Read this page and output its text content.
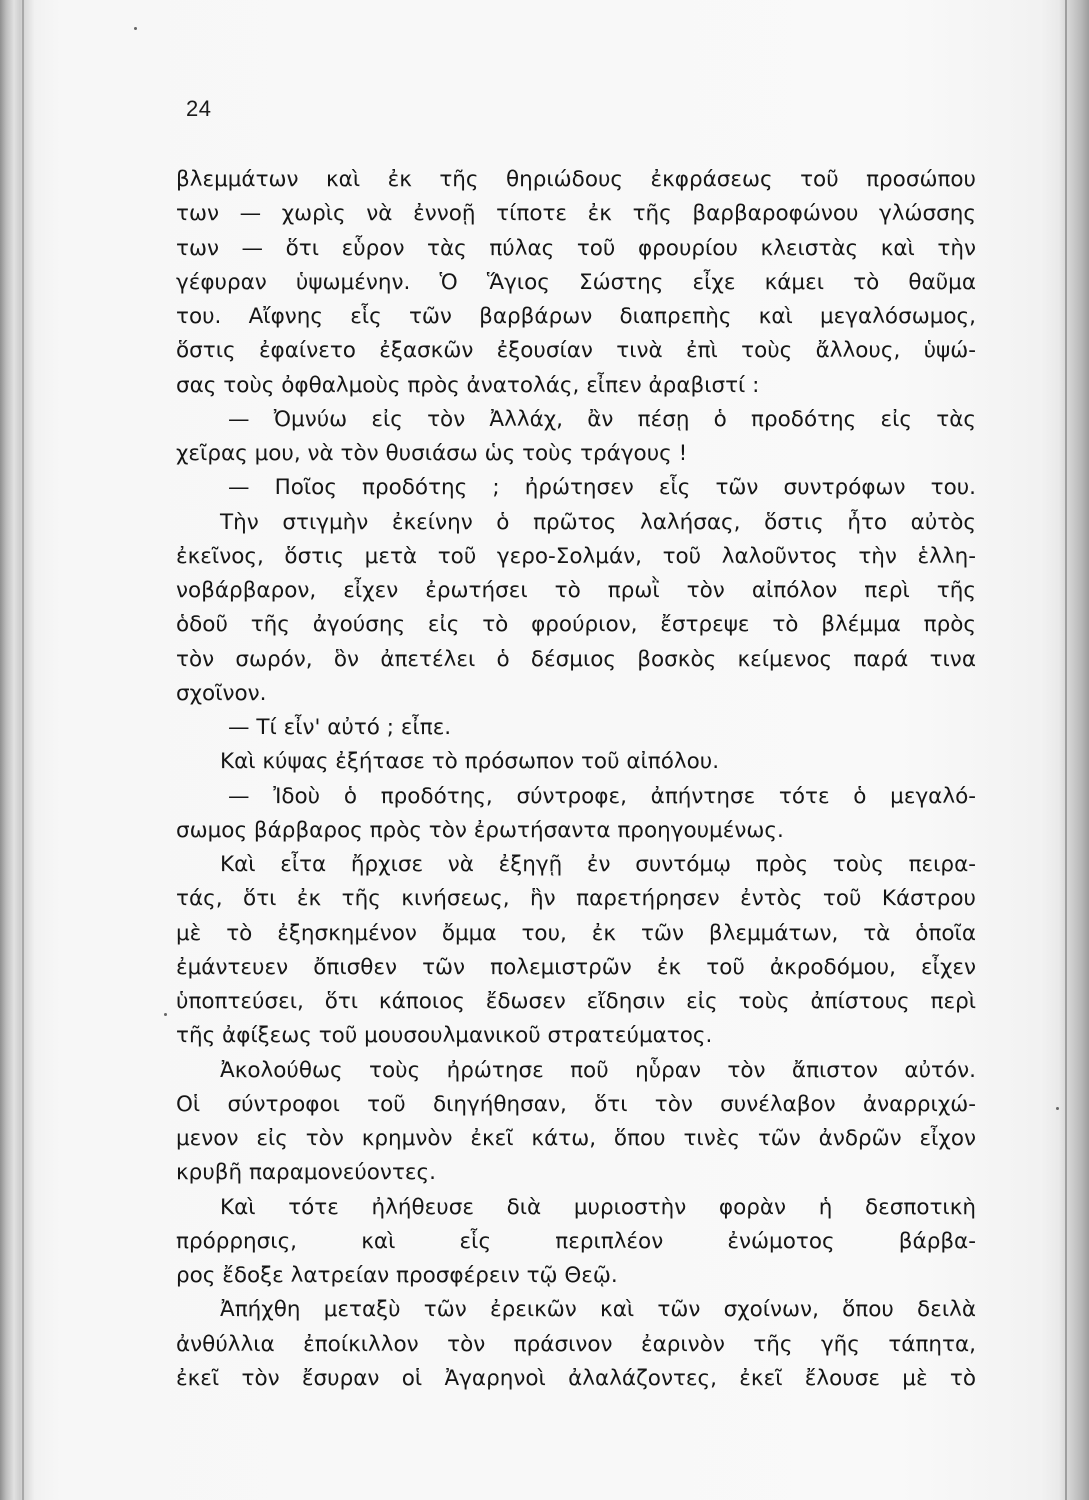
24
βλεμμάτων καὶ ἐκ τῆς θηριώδους ἐκφράσεως τοῦ προσώπου
των — χωρὶς νὰ ἐννοῇ τίποτε ἐκ τῆς βαρβαροφώνου γλώσσης
των — ὅτι εὗρον τὰς πύλας τοῦ φρουρίου κλειστὰς καὶ τὴν
γέφυραν ὑψωμένην. Ὁ Ἅγιος Σώστης εἶχε κάμει τὸ θαῦμα
του. Αἴφνης εἷς τῶν βαρβάρων διαπρεπὴς καὶ μεγαλόσωμος,
ὅστις ἐφαίνετο ἐξασκῶν ἐξουσίαν τινὰ ἐπὶ τοὺς ἄλλους, ὑψώ-
σας τοὺς ὀφθαλμοὺς πρὸς ἀνατολάς, εἶπεν ἀραβιστί :
— Ὀμνύω εἰς τὸν Ἀλλάχ, ἂν πέσῃ ὁ προδότης εἰς τὰς
χεῖρας μου, νὰ τὸν θυσιάσω ὡς τοὺς τράγους !
— Ποῖος προδότης ; ἠρώτησεν εἷς τῶν συντρόφων του.
Τὴν στιγμὴν ἐκείνην ὁ πρῶτος λαλήσας, ὅστις ἦτο αὐτὸς
ἐκεῖνος, ὅστις μετὰ τοῦ γερο-Σολμάν, τοῦ λαλοῦντος τὴν ἑλλη-
νοβάρβαρον, εἶχεν ἐρωτήσει τὸ πρωῒ τὸν αἰπόλον περὶ τῆς
ὁδοῦ τῆς ἀγούσης εἰς τὸ φρούριον, ἔστρεψε τὸ βλέμμα πρὸς
τὸν σωρόν, ὃν ἀπετέλει ὁ δέσμιος βοσκὸς κείμενος παρά τινα
σχοῖνον.
— Τί εἶν' αὐτό ; εἶπε.
Καὶ κύψας ἐξήτασε τὸ πρόσωπον τοῦ αἰπόλου.
— Ἰδοὺ ὁ προδότης, σύντροφε, ἀπήντησε τότε ὁ μεγαλό-
σωμος βάρβαρος πρὸς τὸν ἐρωτήσαντα προηγουμένως.
Καὶ εἶτα ἤρχισε νὰ ἐξηγῇ ἐν συντόμῳ πρὸς τοὺς πειρα-
τάς, ὅτι ἐκ τῆς κινήσεως, ἣν παρετήρησεν ἐντὸς τοῦ Κάστρου
μὲ τὸ ἐξησκημένον ὄμμα του, ἐκ τῶν βλεμμάτων, τὰ ὁποῖα
ἐμάντευεν ὄπισθεν τῶν πολεμιστρῶν ἐκ τοῦ ἀκροδόμου, εἶχεν
ὑποπτεύσει, ὅτι κάποιος ἔδωσεν εἴδησιν εἰς τοὺς ἀπίστους περὶ
τῆς ἀφίξεως τοῦ μουσουλμανικοῦ στρατεύματος.
Ἀκολούθως τοὺς ἠρώτησε ποῦ ηὗραν τὸν ἄπιστον αὐτόν.
Οἱ σύντροφοι τοῦ διηγήθησαν, ὅτι τὸν συνέλαβον ἀναρριχώ-
μενον εἰς τὸν κρημνὸν ἐκεῖ κάτω, ὅπου τινὲς τῶν ἀνδρῶν εἶχον
κρυβῆ παραμονεύοντες.
Καὶ τότε ἠλήθευσε διὰ μυριοστὴν φορὰν ἡ δεσποτικὴ
πρόρρησις, καὶ εἷς περιπλέον ἐνώμοτος βάρβα-
ρος ἔδοξε λατρείαν προσφέρειν τῷ Θεῷ.
Ἀπήχθη μεταξὺ τῶν ἐρεικῶν καὶ τῶν σχοίνων, ὅπου δειλὰ
ἀνθύλλια ἐποίκιλλον τὸν πράσινον ἐαρινὸν τῆς γῆς τάπητα,
ἐκεῖ τὸν ἔσυραν οἱ Ἀγαρηνοὶ ἀλαλάζοντες, ἐκεῖ ἔλουσε μὲ τὸ
